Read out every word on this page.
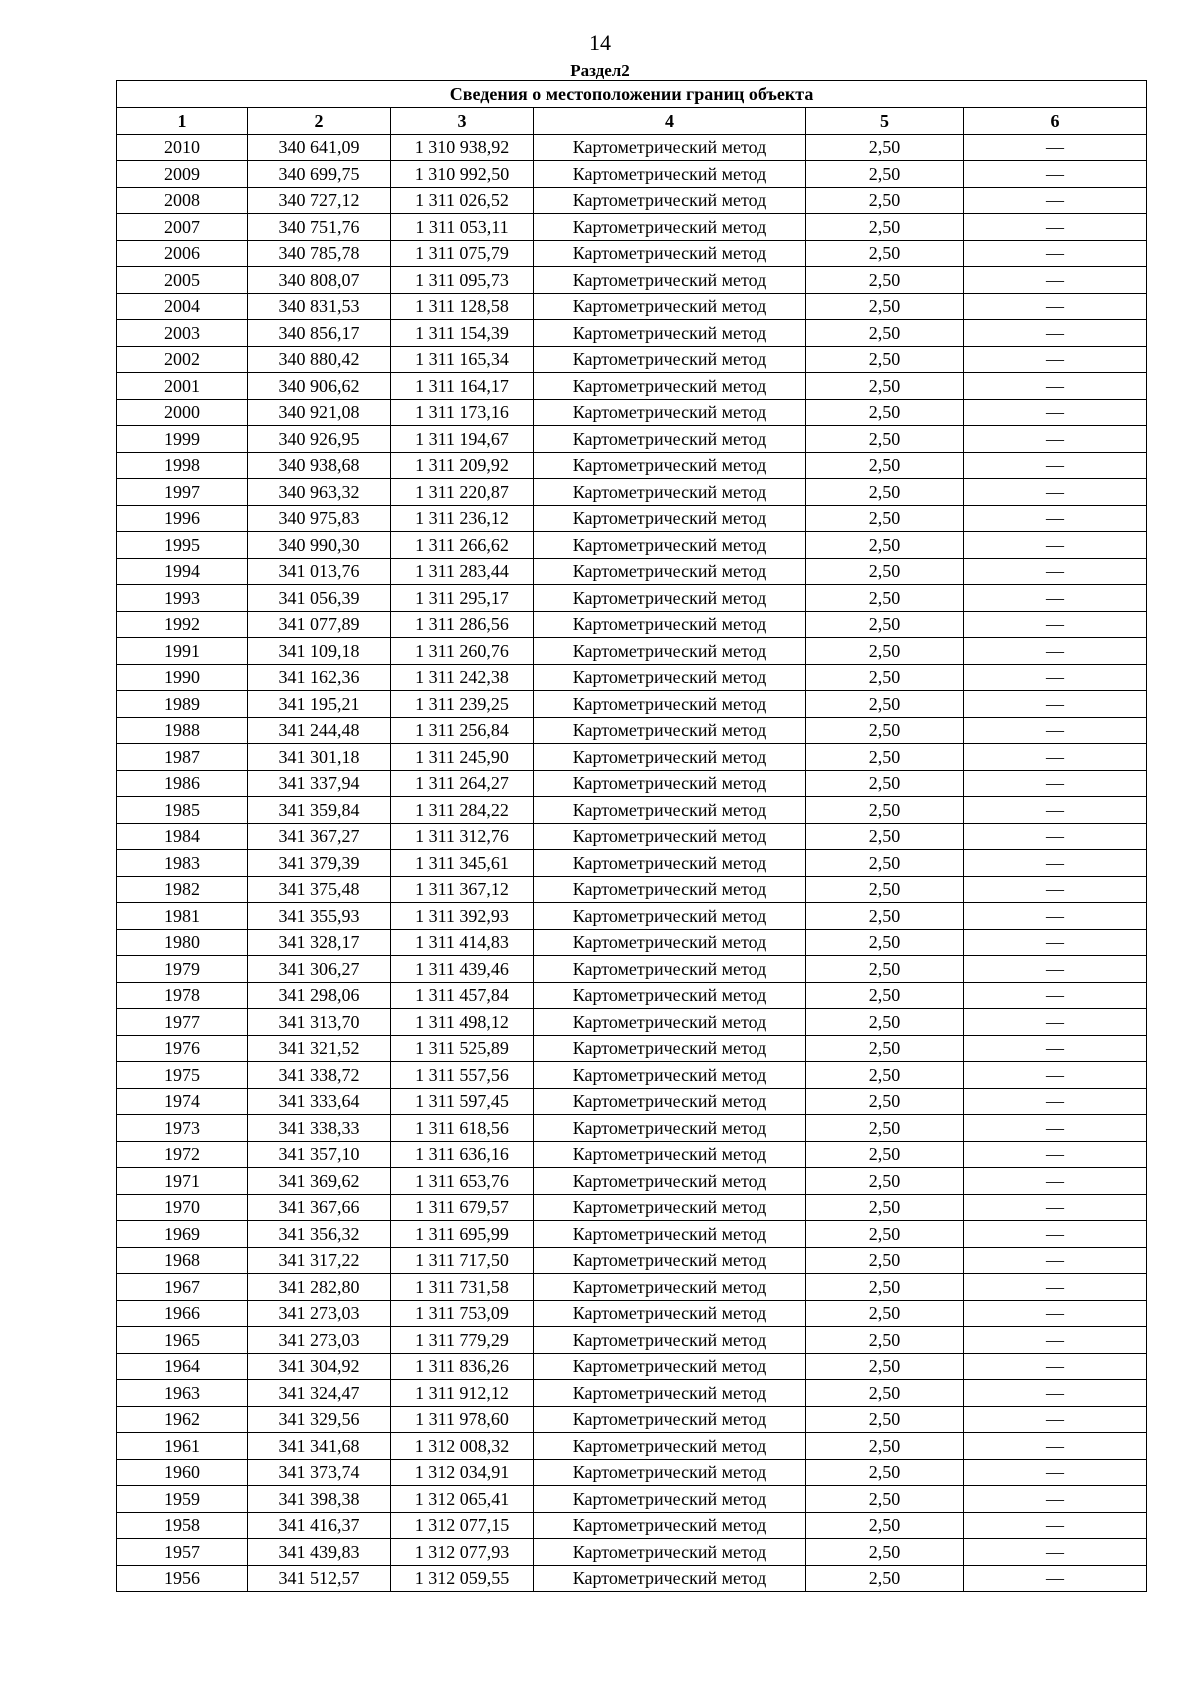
14
Раздел2
Сведения о местоположении границ объекта					
1	2	3	4	5	6
2010	340 641,09	1 310 938,92	Картометрический метод	2,50	—
2009	340 699,75	1 310 992,50	Картометрический метод	2,50	—
2008	340 727,12	1 311 026,52	Картометрический метод	2,50	—
2007	340 751,76	1 311 053,11	Картометрический метод	2,50	—
2006	340 785,78	1 311 075,79	Картометрический метод	2,50	—
2005	340 808,07	1 311 095,73	Картометрический метод	2,50	—
2004	340 831,53	1 311 128,58	Картометрический метод	2,50	—
2003	340 856,17	1 311 154,39	Картометрический метод	2,50	—
2002	340 880,42	1 311 165,34	Картометрический метод	2,50	—
2001	340 906,62	1 311 164,17	Картометрический метод	2,50	—
2000	340 921,08	1 311 173,16	Картометрический метод	2,50	—
1999	340 926,95	1 311 194,67	Картометрический метод	2,50	—
1998	340 938,68	1 311 209,92	Картометрический метод	2,50	—
1997	340 963,32	1 311 220,87	Картометрический метод	2,50	—
1996	340 975,83	1 311 236,12	Картометрический метод	2,50	—
1995	340 990,30	1 311 266,62	Картометрический метод	2,50	—
1994	341 013,76	1 311 283,44	Картометрический метод	2,50	—
1993	341 056,39	1 311 295,17	Картометрический метод	2,50	—
1992	341 077,89	1 311 286,56	Картометрический метод	2,50	—
1991	341 109,18	1 311 260,76	Картометрический метод	2,50	—
1990	341 162,36	1 311 242,38	Картометрический метод	2,50	—
1989	341 195,21	1 311 239,25	Картометрический метод	2,50	—
1988	341 244,48	1 311 256,84	Картометрический метод	2,50	—
1987	341 301,18	1 311 245,90	Картометрический метод	2,50	—
1986	341 337,94	1 311 264,27	Картометрический метод	2,50	—
1985	341 359,84	1 311 284,22	Картометрический метод	2,50	—
1984	341 367,27	1 311 312,76	Картометрический метод	2,50	—
1983	341 379,39	1 311 345,61	Картометрический метод	2,50	—
1982	341 375,48	1 311 367,12	Картометрический метод	2,50	—
1981	341 355,93	1 311 392,93	Картометрический метод	2,50	—
1980	341 328,17	1 311 414,83	Картометрический метод	2,50	—
1979	341 306,27	1 311 439,46	Картометрический метод	2,50	—
1978	341 298,06	1 311 457,84	Картометрический метод	2,50	—
1977	341 313,70	1 311 498,12	Картометрический метод	2,50	—
1976	341 321,52	1 311 525,89	Картометрический метод	2,50	—
1975	341 338,72	1 311 557,56	Картометрический метод	2,50	—
1974	341 333,64	1 311 597,45	Картометрический метод	2,50	—
1973	341 338,33	1 311 618,56	Картометрический метод	2,50	—
1972	341 357,10	1 311 636,16	Картометрический метод	2,50	—
1971	341 369,62	1 311 653,76	Картометрический метод	2,50	—
1970	341 367,66	1 311 679,57	Картометрический метод	2,50	—
1969	341 356,32	1 311 695,99	Картометрический метод	2,50	—
1968	341 317,22	1 311 717,50	Картометрический метод	2,50	—
1967	341 282,80	1 311 731,58	Картометрический метод	2,50	—
1966	341 273,03	1 311 753,09	Картометрический метод	2,50	—
1965	341 273,03	1 311 779,29	Картометрический метод	2,50	—
1964	341 304,92	1 311 836,26	Картометрический метод	2,50	—
1963	341 324,47	1 311 912,12	Картометрический метод	2,50	—
1962	341 329,56	1 311 978,60	Картометрический метод	2,50	—
1961	341 341,68	1 312 008,32	Картометрический метод	2,50	—
1960	341 373,74	1 312 034,91	Картометрический метод	2,50	—
1959	341 398,38	1 312 065,41	Картометрический метод	2,50	—
1958	341 416,37	1 312 077,15	Картометрический метод	2,50	—
1957	341 439,83	1 312 077,93	Картометрический метод	2,50	—
1956	341 512,57	1 312 059,55	Картометрический метод	2,50	—
